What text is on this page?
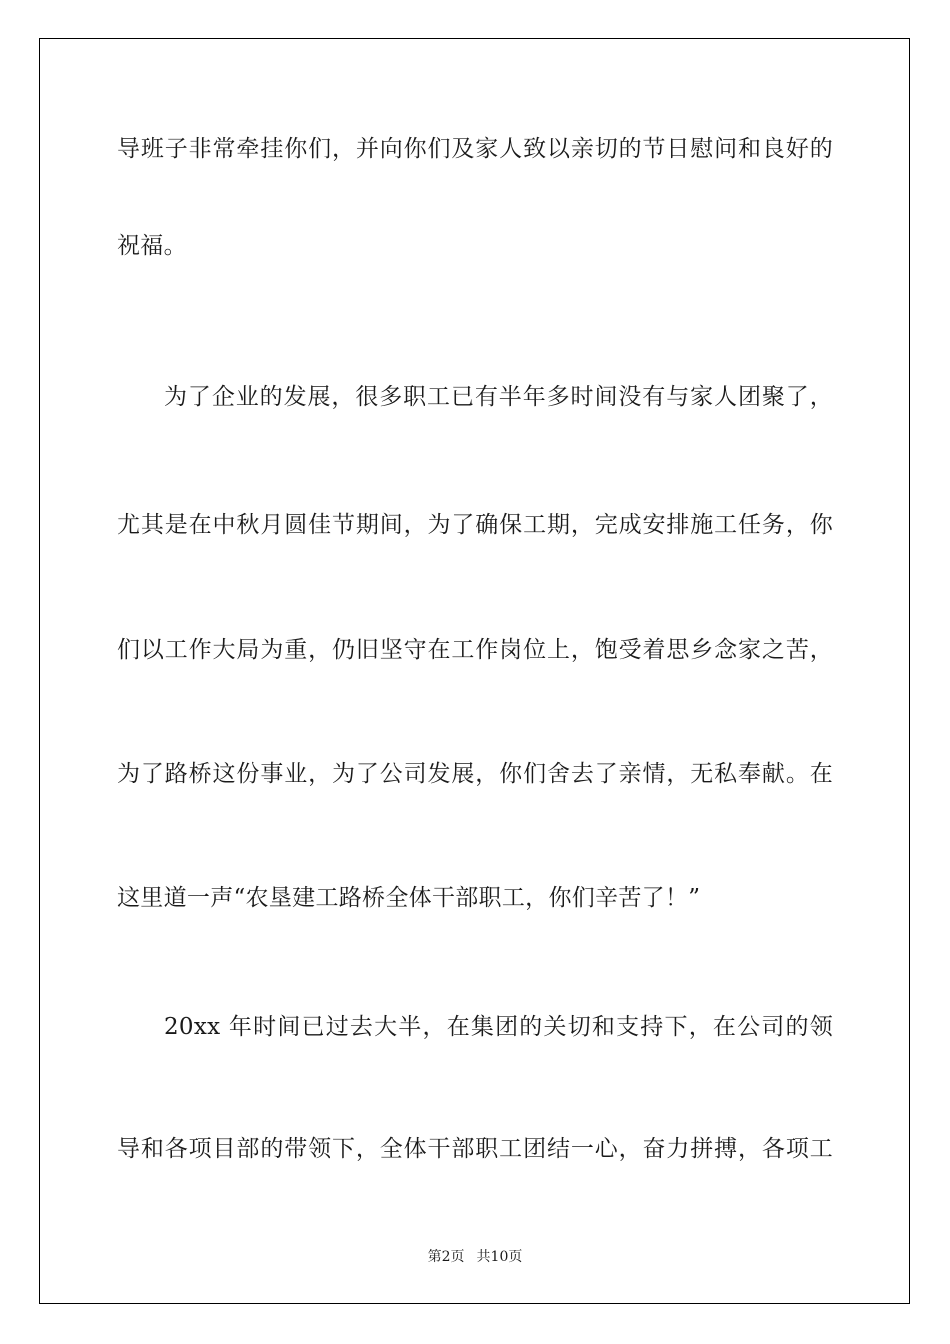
导班子非常牵挂你们，并向你们及家人致以亲切的节日慰问和良好的
祝福。
为了企业的发展，很多职工已有半年多时间没有与家人团聚了，
尤其是在中秋月圆佳节期间，为了确保工期，完成安排施工任务，你
们以工作大局为重，仍旧坚守在工作岗位上，饱受着思乡念家之苦，
为了路桥这份事业，为了公司发展，你们舍去了亲情，无私奉献。在
这里道一声“农垦建工路桥全体干部职工，你们辛苦了！”
20xx 年时间已过去大半，在集团的关切和支持下，在公司的领
导和各项目部的带领下，全体干部职工团结一心，奋力拼搏，各项工
第2页 共10页
